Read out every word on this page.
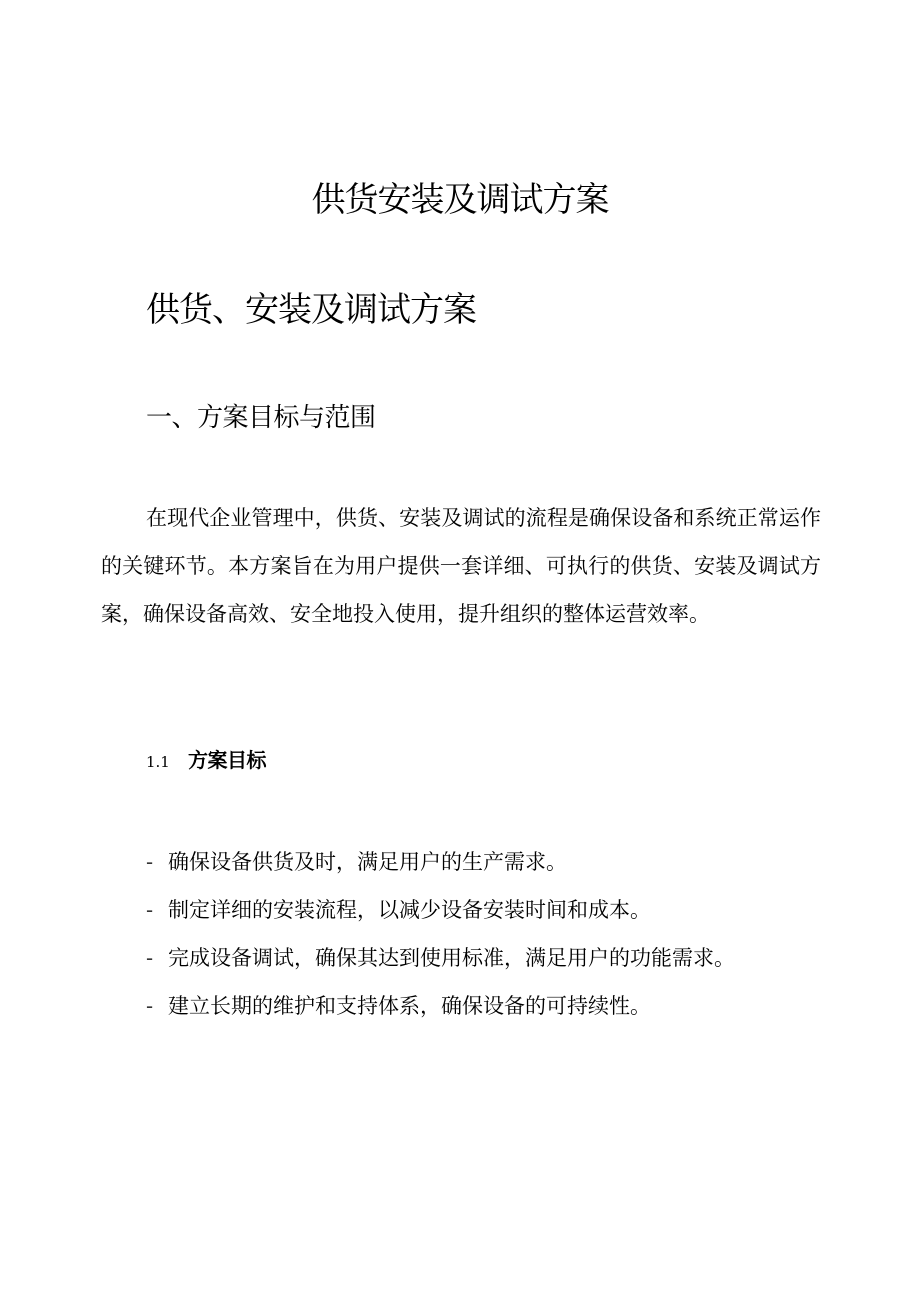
供货安装及调试方案
供货、安装及调试方案
一、方案目标与范围

在现代企业管理中，供货、安装及调试的流程是确保设备和系统正常运作的关键环节。本方案旨在为用户提供一套详细、可执行的供货、安装及调试方案，确保设备高效、安全地投入使用，提升组织的整体运营效率。

1.1 方案目标
- 确保设备供货及时，满足用户的生产需求。
- 制定详细的安装流程，以减少设备安装时间和成本。
- 完成设备调试，确保其达到使用标准，满足用户的功能需求。
- 建立长期的维护和支持体系，确保设备的可持续性。
